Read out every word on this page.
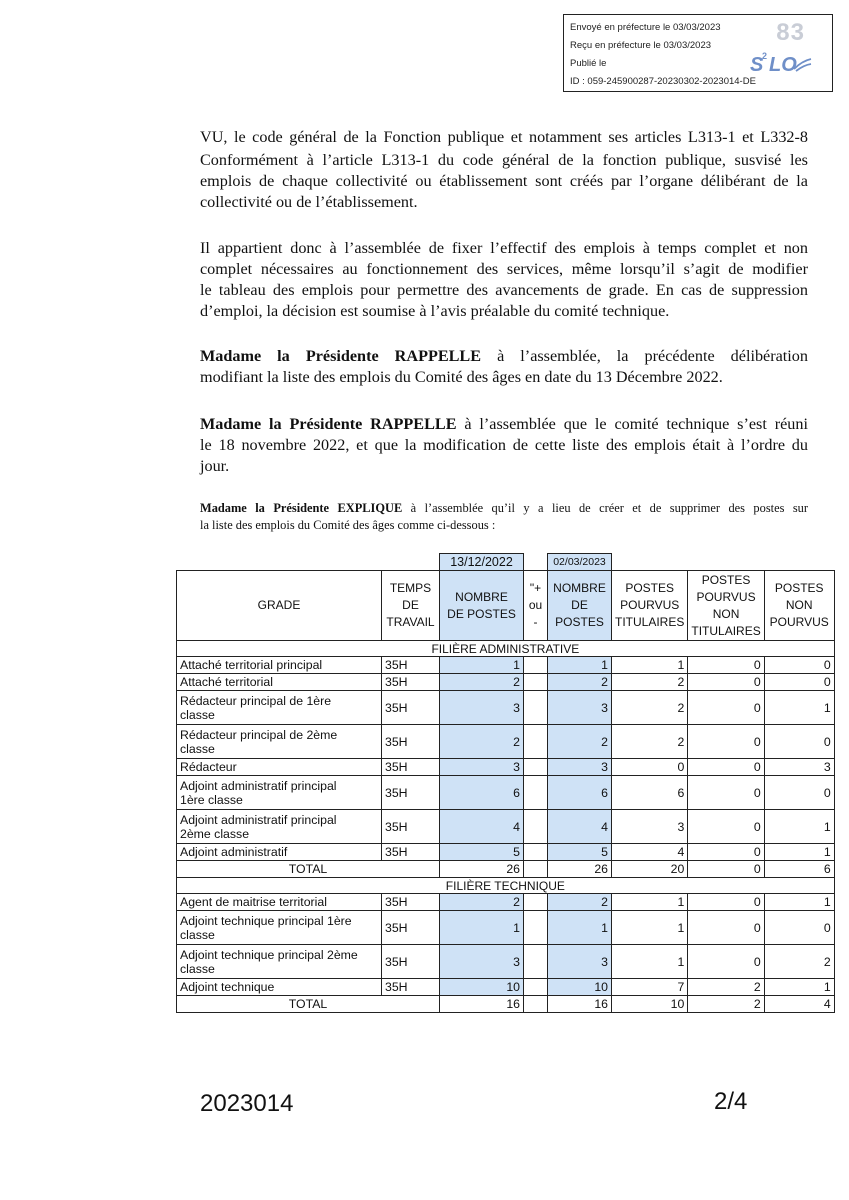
Envoyé en préfecture le 03/03/2023
Reçu en préfecture le 03/03/2023
Publié le
ID : 059-245900287-20230302-2023014-DE
83
S
2 LO
VU, le code général de la Fonction publique et notamment ses articles L313-1 et L332-8
Conformément à l’article L313-1 du code général de la fonction publique, susvisé les
emplois de chaque collectivité ou établissement sont créés par l’organe délibérant de la
collectivité ou de l’établissement.
Il appartient donc à l’assemblée de fixer l’effectif des emplois à temps complet et non
complet nécessaires au fonctionnement des services, même lorsqu’il s’agit de modifier
le tableau des emplois pour permettre des avancements de grade. En cas de suppression
d’emploi, la décision est soumise à l’avis préalable du comité technique.
Madame la Présidente RAPPELLE à l’assemblée, la précédente délibération
modifiant la liste des emplois du Comité des âges en date du 13 Décembre 2022.
Madame la Présidente RAPPELLE à l’assemblée que le comité technique s’est réuni
le 18 novembre 2022, et que la modification de cette liste des emplois était à l’ordre du
jour.
Madame la Présidente EXPLIQUE à l’assemblée qu’il y a lieu de créer et de supprimer des postes sur
la liste des emplois du Comité des âges comme ci-dessous :
		13/12/2022		02/03/2023			
GRADE	TEMPS
DE
TRAVAIL	NOMBRE
DE POSTES	"+
ou
-	NOMBRE
DE
POSTES	POSTES
POURVUS
TITULAIRES	POSTES
POURVUS
NON
TITULAIRES	POSTES
NON
POURVUS
FILIÈRE ADMINISTRATIVE							
Attaché territorial principal	35H	1		1	1	0	0
Attaché territorial	35H	2		2	2	0	0
Rédacteur principal de 1ère
classe	35H	3		3	2	0	1
Rédacteur principal de 2ème
classe	35H	2		2	2	0	0
Rédacteur	35H	3		3	0	0	3
Adjoint administratif principal
1ère classe	35H	6		6	6	0	0
Adjoint administratif principal
2ème classe	35H	4		4	3	0	1
Adjoint administratif	35H	5		5	4	0	1
TOTAL		26		26	20	0	6
FILIÈRE TECHNIQUE							
Agent de maitrise territorial	35H	2		2	1	0	1
Adjoint technique principal 1ère
classe	35H	1		1	1	0	0
Adjoint technique principal 2ème
classe	35H	3		3	1	0	2
Adjoint technique	35H	10		10	7	2	1
TOTAL		16		16	10	2	4
2023014	2/4
